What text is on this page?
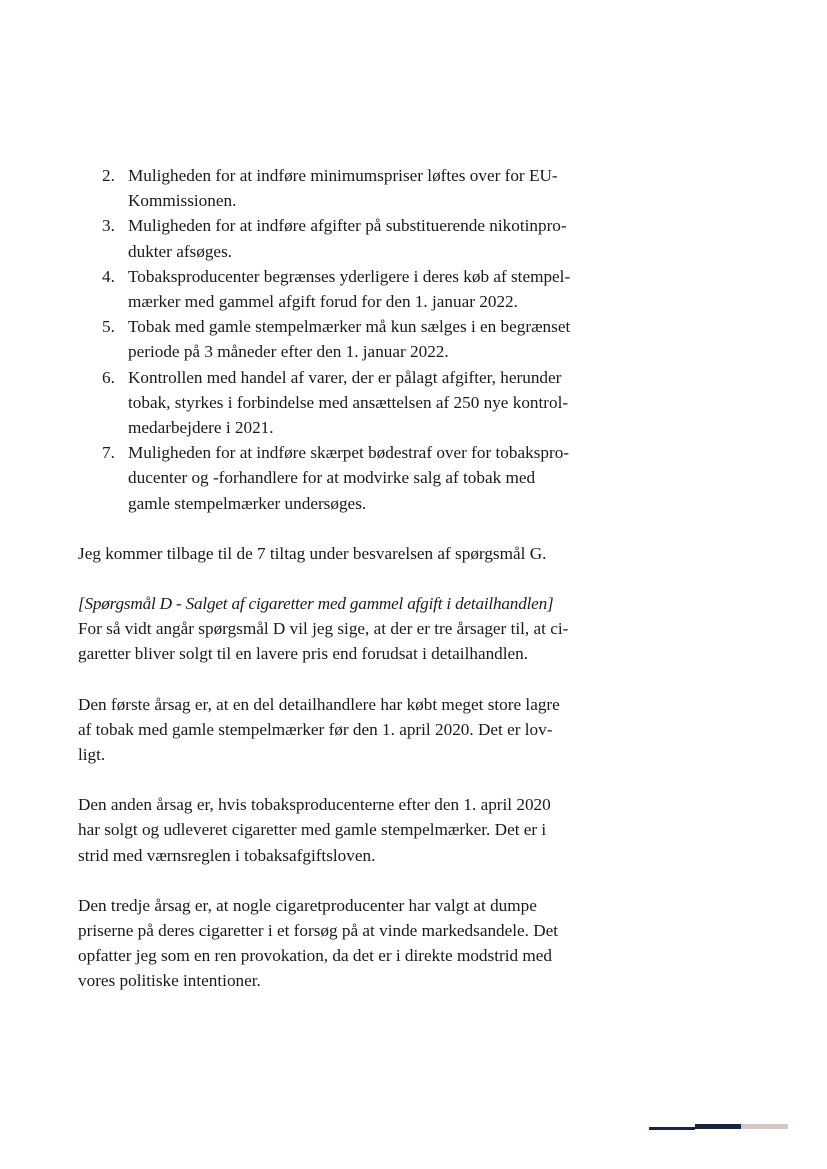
2. Muligheden for at indføre minimumspriser løftes over for EU-
Kommissionen.
3. Muligheden for at indføre afgifter på substituerende nikotinpro-
dukter afsøges.
4. Tobaksproducenter begrænses yderligere i deres køb af stempel-
mærker med gammel afgift forud for den 1. januar 2022.
5. Tobak med gamle stempelmærker må kun sælges i en begrænset
periode på 3 måneder efter den 1. januar 2022.
6. Kontrollen med handel af varer, der er pålagt afgifter, herunder
tobak, styrkes i forbindelse med ansættelsen af 250 nye kontrol-
medarbejdere i 2021.
7. Muligheden for at indføre skærpet bødestraf over for tobakspro-
ducenter og -forhandlere for at modvirke salg af tobak med
gamle stempelmærker undersøges.

Jeg kommer tilbage til de 7 tiltag under besvarelsen af spørgsmål G.

[Spørgsmål D - Salget af cigaretter med gammel afgift i detailhandlen]

For så vidt angår spørgsmål D vil jeg sige, at der er tre årsager til, at ci-
garetter bliver solgt til en lavere pris end forudsat i detailhandlen.

Den første årsag er, at en del detailhandlere har købt meget store lagre
af tobak med gamle stempelmærker før den 1. april 2020. Det er lov-
ligt.

Den anden årsag er, hvis tobaksproducenterne efter den 1. april 2020
har solgt og udleveret cigaretter med gamle stempelmærker. Det er i
strid med værnsreglen i tobaksafgiftsloven.

Den tredje årsag er, at nogle cigaretproducenter har valgt at dumpe
priserne på deres cigaretter i et forsøg på at vinde markedsandele. Det
opfatter jeg som en ren provokation, da det er i direkte modstrid med
vores politiske intentioner.
